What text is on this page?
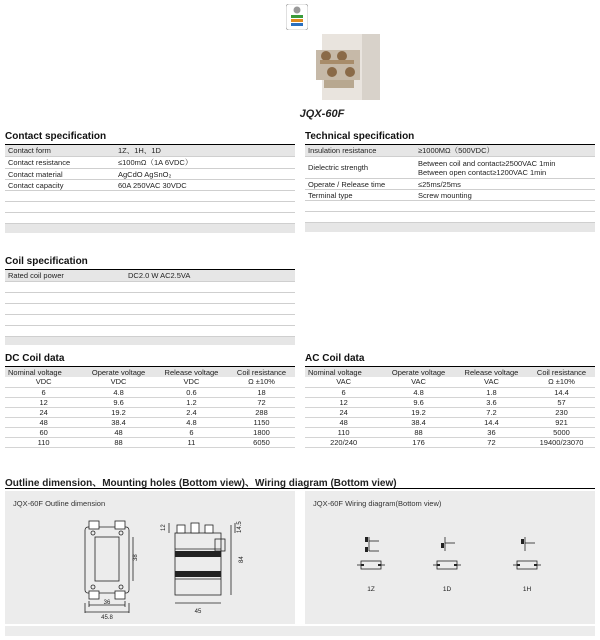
JQX-60F
Contact specification
Contact form	1Z、1H、1D
Contact resistance	≤100mΩ（1A 6VDC）
Contact material	AgCdO AgSnO₂
Contact capacity	60A 250VAC 30VDC

Technical specification
Insulation resistance	≥1000MΩ（500VDC）
Dielectric strength	Between coil and contact≥2500VAC 1min
Between open contact≥1200VAC 1min

Operate / Release time	≤25ms/25ms
Terminal type	Screw mounting

Coil specification
Rated coil power	DC2.0 W AC2.5VA

DC Coil data
Nominal voltage	Operate voltage	Release voltage	Coil resistance
VDC	VDC	VDC	Ω ±10%
6	4.8	0.6	18
12	9.6	1.2	72
24	19.2	2.4	288
48	38.4	4.8	1150
60	48	6	1800
110	88	11	6050
AC Coil data
Nominal voltage	Operate voltage	Release voltage	Coil resistance
VAC	VAC	VAC	Ω ±10%
6	4.8	1.8	14.4
12	9.6	3.6	57
24	19.2	7.2	230
48	38.4	14.4	921
110	88	36	5000
220/240	176	72	19400/23070
Outline dimension、Mounting holes (Bottom view)、Wiring diagram (Bottom view)
JQX-60F Outline dimension
36
45.8
38
45
84
14.5
12
JQX-60F Wiring diagram(Bottom view)
1Z	1D	1H
